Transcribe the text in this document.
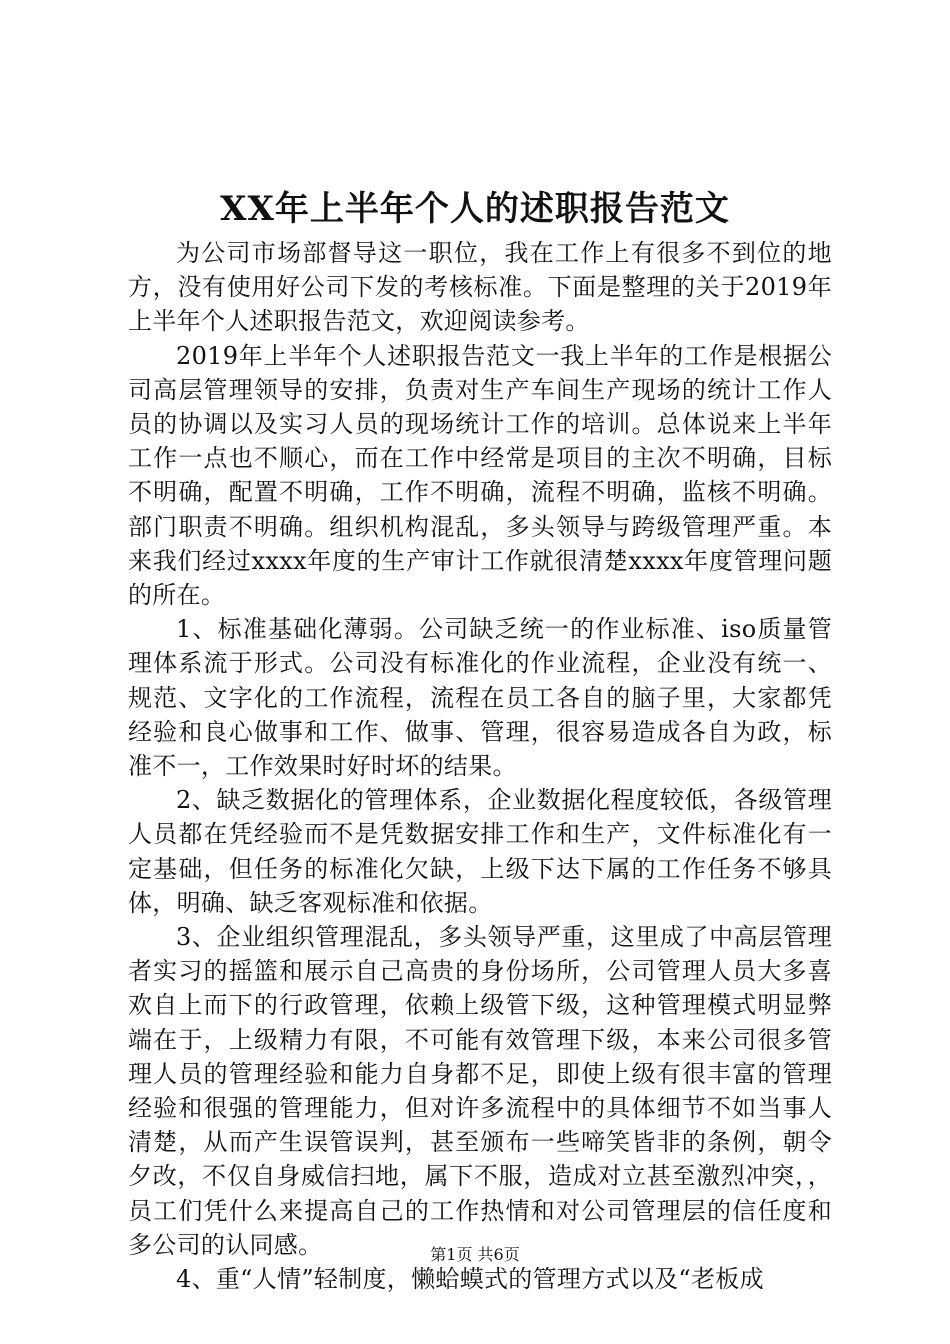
XX年上半年个人的述职报告范文

为公司市场部督导这一职位，我在工作上有很多不到位的地方，没有使用好公司下发的考核标准。下面是整理的关于2019年上半年个人述职报告范文，欢迎阅读参考。

2019年上半年个人述职报告范文一我上半年的工作是根据公司高层管理领导的安排，负责对生产车间生产现场的统计工作人员的协调以及实习人员的现场统计工作的培训。总体说来上半年工作一点也不顺心，而在工作中经常是项目的主次不明确，目标不明确，配置不明确，工作不明确，流程不明确，监核不明确。部门职责不明确。组织机构混乱，多头领导与跨级管理严重。本来我们经过xxxx年度的生产审计工作就很清楚xxxx年度管理问题的所在。

1、标准基础化薄弱。公司缺乏统一的作业标准、iso质量管理体系流于形式。公司没有标准化的作业流程，企业没有统一、规范、文字化的工作流程，流程在员工各自的脑子里，大家都凭经验和良心做事和工作、做事、管理，很容易造成各自为政，标准不一，工作效果时好时坏的结果。

2、缺乏数据化的管理体系，企业数据化程度较低，各级管理人员都在凭经验而不是凭数据安排工作和生产，文件标准化有一定基础，但任务的标准化欠缺，上级下达下属的工作任务不够具体，明确、缺乏客观标准和依据。

3、企业组织管理混乱，多头领导严重，这里成了中高层管理者实习的摇篮和展示自己高贵的身份场所，公司管理人员大多喜欢自上而下的行政管理，依赖上级管下级，这种管理模式明显弊端在于，上级精力有限，不可能有效管理下级，本来公司很多管理人员的管理经验和能力自身都不足，即使上级有很丰富的管理经验和很强的管理能力，但对许多流程中的具体细节不如当事人清楚，从而产生误管误判，甚至颁布一些啼笑皆非的条例，朝令夕改，不仅自身威信扫地，属下不服，造成对立甚至激烈冲突，，员工们凭什么来提高自己的工作热情和对公司管理层的信任度和多公司的认同感。

4、重“人情”轻制度，懒蛤蟆式的管理方式以及“老板成

第1页 共6页
